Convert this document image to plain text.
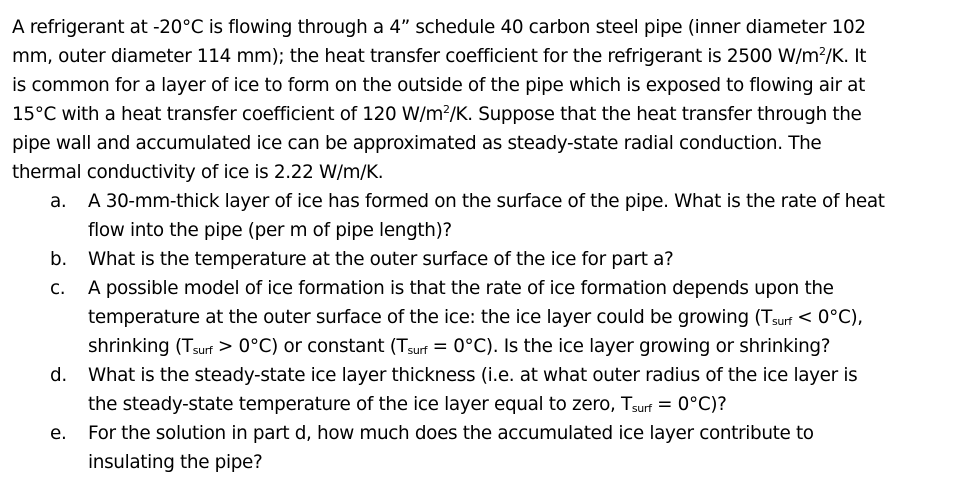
A refrigerant at -20°C is flowing through a 4” schedule 40 carbon steel pipe (inner diameter 102
mm, outer diameter 114 mm); the heat transfer coefficient for the refrigerant is 2500 $W/m^2/K$. It
is common for a layer of ice to form on the outside of the pipe which is exposed to flowing air at
15°C with a heat transfer coefficient of 120 $W/m^2/K$. Suppose that the heat transfer through the
pipe wall and accumulated ice can be approximated as steady-state radial conduction. The
thermal conductivity of ice is 2.22 W/m/K.

a.	A 30-mm-thick layer of ice has formed on the surface of the pipe. What is the rate of heat
flow into the pipe (per m of pipe length)?
b.	What is the temperature at the outer surface of the ice for part a?
c.	A possible model of ice formation is that the rate of ice formation depends upon the
temperature at the outer surface of the ice: the ice layer could be growing $(T_{surf} < 0^\circ C)$,
shrinking $(T_{surf} > 0^\circ C)$ or constant $(T_{surf} = 0^\circ C)$. Is the ice layer growing or shrinking?
d.	What is the steady-state ice layer thickness (i.e. at what outer radius of the ice layer is
the steady-state temperature of the ice layer equal to zero, $T_{surf} = 0^\circ C$)?
e.	For the solution in part d, how much does the accumulated ice layer contribute to
insulating the pipe?
